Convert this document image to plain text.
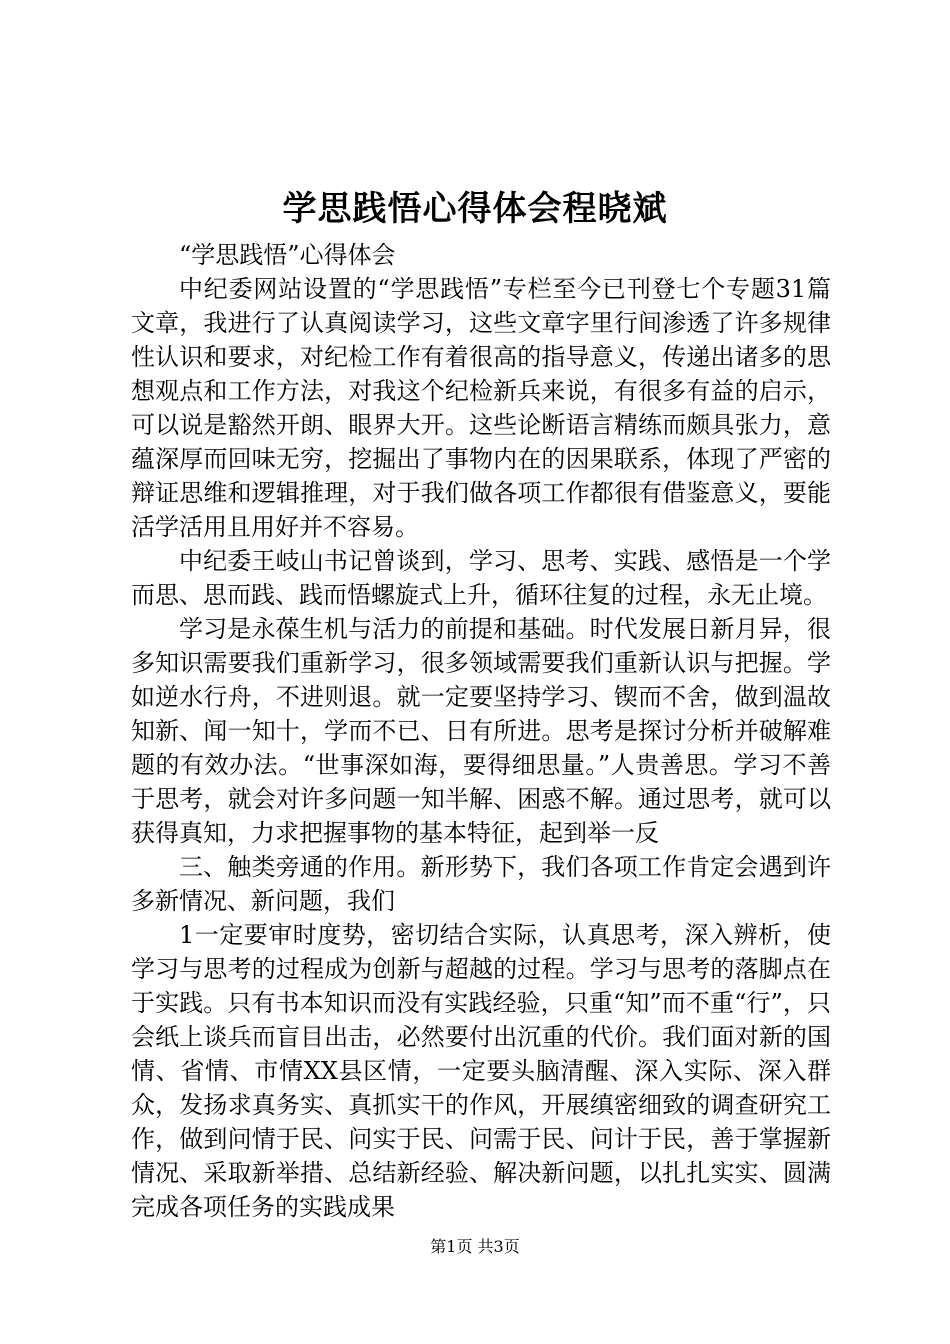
学思践悟心得体会程晓斌

“学思践悟”心得体会

中纪委网站设置的“学思践悟”专栏至今已刊登七个专题31篇文章，我进行了认真阅读学习，这些文章字里行间渗透了许多规律性认识和要求，对纪检工作有着很高的指导意义，传递出诸多的思想观点和工作方法，对我这个纪检新兵来说，有很多有益的启示，可以说是豁然开朗、眼界大开。这些论断语言精练而颇具张力，意蕴深厚而回味无穷，挖掘出了事物内在的因果联系，体现了严密的辩证思维和逻辑推理，对于我们做各项工作都很有借鉴意义，要能活学活用且用好并不容易。

中纪委王岐山书记曾谈到，学习、思考、实践、感悟是一个学而思、思而践、践而悟螺旋式上升，循环往复的过程，永无止境。

学习是永葆生机与活力的前提和基础。时代发展日新月异，很多知识需要我们重新学习，很多领域需要我们重新认识与把握。学如逆水行舟，不进则退。就一定要坚持学习、锲而不舍，做到温故知新、闻一知十，学而不已、日有所进。思考是探讨分析并破解难题的有效办法。“世事深如海，要得细思量。”人贵善思。学习不善于思考，就会对许多问题一知半解、困惑不解。通过思考，就可以获得真知，力求把握事物的基本特征，起到举一反

三、触类旁通的作用。新形势下，我们各项工作肯定会遇到许多新情况、新问题，我们

1一定要审时度势，密切结合实际，认真思考，深入辨析，使学习与思考的过程成为创新与超越的过程。学习与思考的落脚点在于实践。只有书本知识而没有实践经验，只重“知”而不重“行”，只会纸上谈兵而盲目出击，必然要付出沉重的代价。我们面对新的国情、省情、市情XX县区情，一定要头脑清醒、深入实际、深入群众，发扬求真务实、真抓实干的作风，开展缜密细致的调查研究工作，做到问情于民、问实于民、问需于民、问计于民，善于掌握新情况、采取新举措、总结新经验、解决新问题，以扎扎实实、圆满完成各项任务的实践成果

第1页 共3页
